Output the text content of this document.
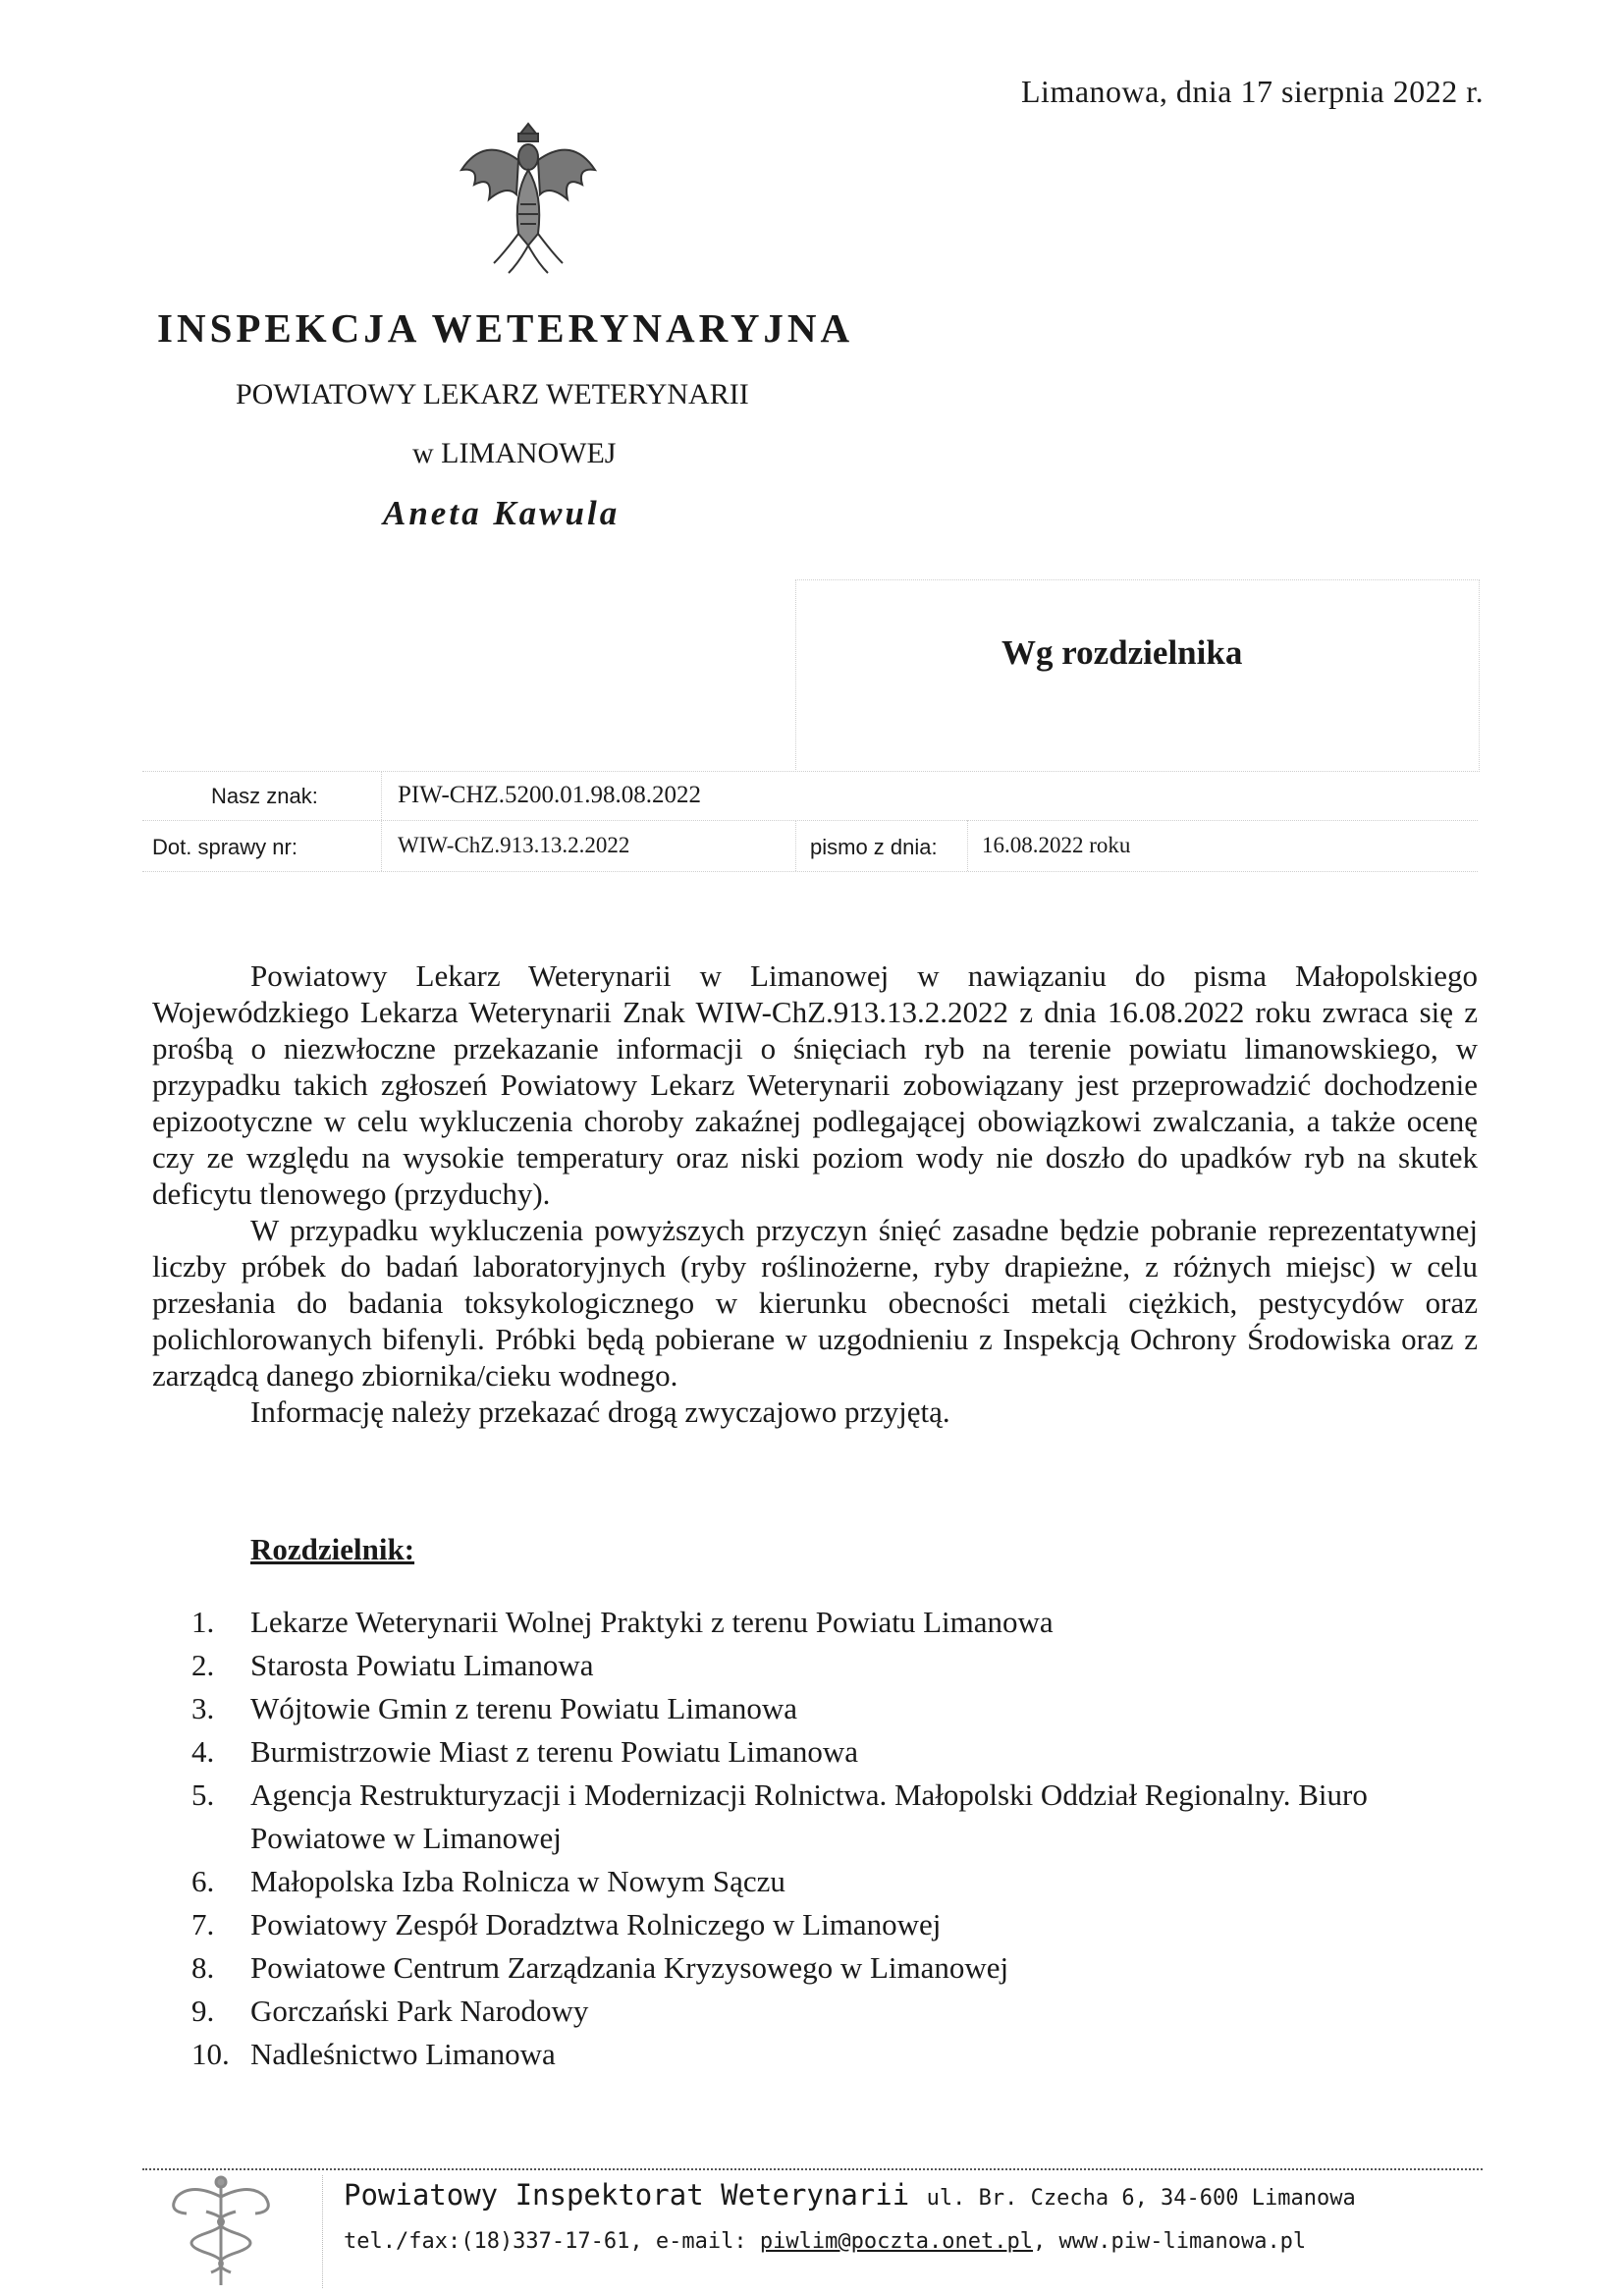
Limanowa, dnia 17 sierpnia 2022 r.
INSPEKCJA WETERYNARYJNA
POWIATOWY LEKARZ WETERYNARII
w LIMANOWEJ
Aneta Kawula
Wg rozdzielnika
Nasz znak:	PIW-CHZ.5200.01.98.08.2022
Dot. sprawy nr:	WIW-ChZ.913.13.2.2022	pismo z dnia: 16.08.2022 roku

Powiatowy Lekarz Weterynarii w Limanowej w nawiązaniu do pisma Małopolskiego Wojewódzkiego Lekarza Weterynarii Znak WIW-ChZ.913.13.2.2022 z dnia 16.08.2022 roku zwraca się z prośbą o niezwłoczne przekazanie informacji o śnięciach ryb na terenie powiatu limanowskiego, w przypadku takich zgłoszeń Powiatowy Lekarz Weterynarii zobowiązany jest przeprowadzić dochodzenie epizootyczne w celu wykluczenia choroby zakaźnej podlegającej obowiązkowi zwalczania, a także ocenę czy ze względu na wysokie temperatury oraz niski poziom wody nie doszło do upadków ryb na skutek deficytu tlenowego (przyduchy).

W przypadku wykluczenia powyższych przyczyn śnięć zasadne będzie pobranie reprezentatywnej liczby próbek do badań laboratoryjnych (ryby roślinożerne, ryby drapieżne, z różnych miejsc) w celu przesłania do badania toksykologicznego w kierunku obecności metali ciężkich, pestycydów oraz polichlorowanych bifenyli. Próbki będą pobierane w uzgodnieniu z Inspekcją Ochrony Środowiska oraz z zarządcą danego zbiornika/cieku wodnego.

Informację należy przekazać drogą zwyczajowo przyjętą.

Rozdzielnik:
1.	Lekarze Weterynarii Wolnej Praktyki z terenu Powiatu Limanowa
2.	Starosta Powiatu Limanowa
3.	Wójtowie Gmin z terenu Powiatu Limanowa
4.	Burmistrzowie Miast z terenu Powiatu Limanowa
5.	Agencja Restrukturyzacji i Modernizacji Rolnictwa. Małopolski Oddział Regionalny. Biuro Powiatowe w Limanowej
6.	Małopolska Izba Rolnicza w Nowym Sączu
7.	Powiatowy Zespół Doradztwa Rolniczego w Limanowej
8.	Powiatowe Centrum Zarządzania Kryzysowego w Limanowej
9.	Gorczański Park Narodowy
10. Nadleśnictwo Limanowa
Powiatowy Inspektorat Weterynarii ul. Br. Czecha 6, 34-600 Limanowa
tel./fax:(18)337-17-61, e-mail: piwlim@poczta.onet.pl, www.piw-limanowa.pl
